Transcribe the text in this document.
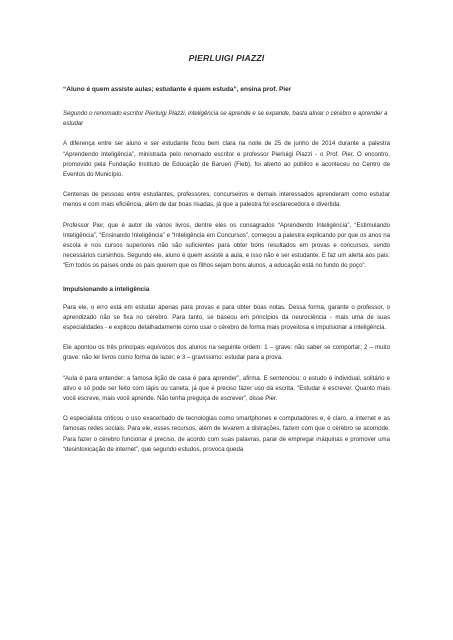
PIERLUIGI PIAZZI

“Aluno é quem assiste aulas; estudante é quem estuda”, ensina prof. Pier

Segundo o renomado escritor Pierluigi Piazzi, inteligência se aprende e se expande, basta ativar o cérebro e aprender a estudar

A diferença entre ser aluno e ser estudante ficou bem clara na noite de 25 de junho de 2014 durante a palestra “Aprendendo Inteligência”, ministrada pelo renomado escritor e professor Pierluigi Piazzi - o Prof. Pier. O encontro, promovido pela Fundação Instituto de Educação de Barueri (Fieb), foi aberto ao público e aconteceu no Centro de Eventos do Município.

Centenas de pessoas entre estudantes, professores, concurseiros e demais interessados aprenderam como estudar menos e com mais eficiência, além de dar boas risadas, já que a palestra foi esclarecedora e divertida.

Professor Pier, que é autor de vários livros, dentre eles os consagrados “Aprendendo Inteligência”, “Estimulando Inteligência”, “Ensinando Inteligência” e “Inteligência em Concursos”, começou a palestra explicando por que os anos na escola e nos cursos superiores não são suficientes para obter bons resultados em provas e concursos, sendo necessários cursinhos. Segundo ele, aluno é quem assiste a aula, e isso não é ser estudante. E faz um alerta aos pais: “Em todos os países onde os pais querem que os filhos sejam bons alunos, a educação está no fundo do poço”.

Impulsionando a inteligência

Para ele, o erro está em estudar apenas para provas e para obter boas notas. Dessa forma, garante o professor, o aprendizado não se fixa no cérebro. Para tanto, se baseou em princípios da neurociência - mais uma de suas especialidades - e explicou detalhadamente como usar o cérebro de forma mais proveitosa e impulsionar a inteligência.

Ele apontou os três principais equívocos dos alunos na seguinte ordem: 1 – grave: não saber se comportar; 2 – muito grave: não ler livros como forma de lazer; e 3 – gravíssimo: estudar para a prova.

“Aula é para entender; a famosa lição de casa é para aprender”, afirma. E sentenciou: o estudo é individual, solitário e ativo e só pode ser feito com lápis ou caneta, já que é preciso fazer uso da escrita. “Estudar é escrever. Quanto mais você escreve, mais você aprende. Não tenha preguiça de escrever”, disse Pier.

O especialista criticou o uso exacerbado de tecnologias como smartphones e computadores e, é claro, a internet e as famosas redes sociais. Para ele, esses recursos, além de levarem a distrações, fazem com que o cérebro se acomode. Para fazer o cérebro funcionar é preciso, de acordo com suas palavras, parar de empregar máquinas e promover uma “desintoxicação de internet”, que segundo estudos, provoca queda
